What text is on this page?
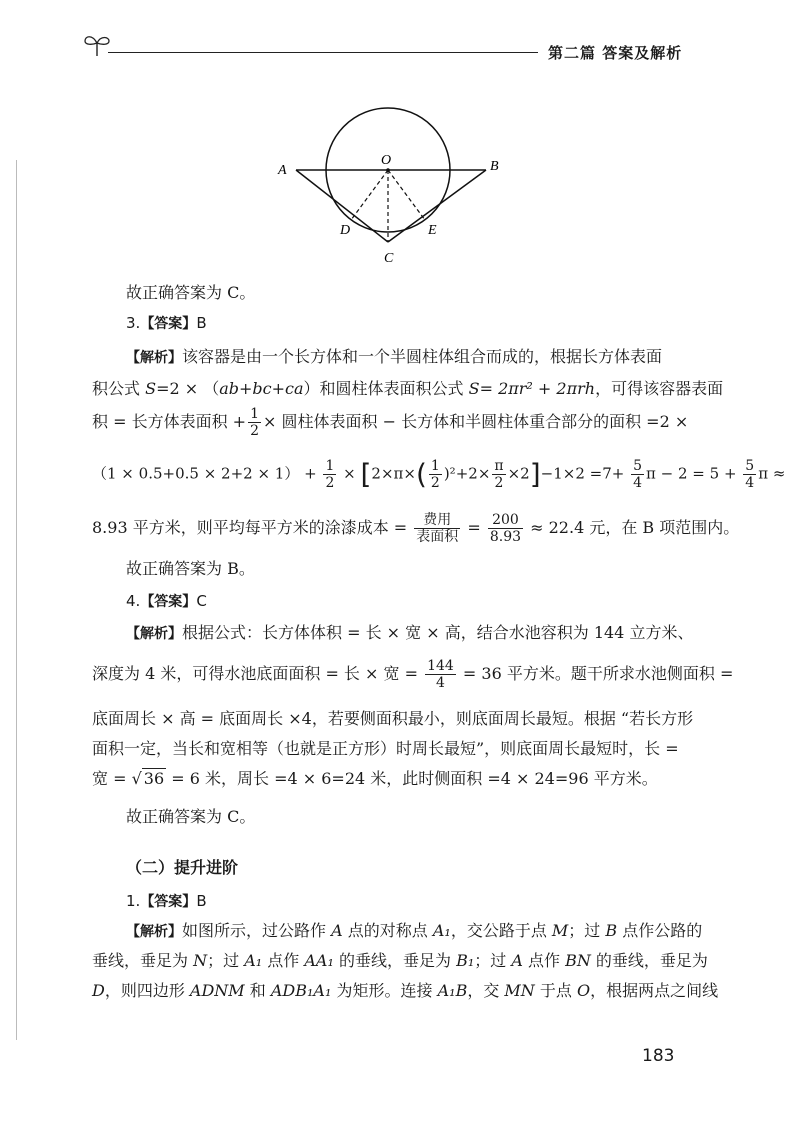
第二篇 答案及解析
A	B
O
D	E
C
故正确答案为 C。
3.【答案】B
【解析】该容器是由一个长方体和一个半圆柱体组合而成的，根据长方体表面
积公式 S=2 × （ab+bc+ca）和圆柱体表面积公式 S= 2πr² + 2πrh，可得该容器表面
积 = 长方体表面积 + $\frac{1}{2}$ × 圆柱体表面积 − 长方体和半圆柱体重合部分的面积 =2 ×
$(1 \times 0.5+0.5 \times 2+2 \times 1) + \frac{1}{2} \times [2\times\pi\times( \frac{1}{2} )^2+2\times \frac{\pi}{2} \times 2]-1\times 2 =7+ \frac{5}{4}$ $\pi - 2 = 5 + \frac{5}{4}$ π ≈
8.93 平方米，则平均每平方米的涂漆成本 = $\frac{\text{费用}}{\text{表面积}} = \frac{200}{8.93} \approx 22.4$ 元，在 B 项范围内。
故正确答案为 B。
4.【答案】C
【解析】根据公式：长方体体积 = 长 × 宽 × 高，结合水池容积为 144 立方米、
深度为 4 米，可得水池底面面积 = 长 × 宽 = $\frac{144}{4} = 36$ 平方米。题干所求水池侧面积 =
底面周长 × 高 = 底面周长 ×4，若要侧面积最小，则底面周长最短。根据 “若长方形
面积一定，当长和宽相等（也就是正方形）时周长最短”，则底面周长最短时，长 =
宽 = √ 36 = 6 米，周长 =4 × 6=24 米，此时侧面积 =4 × 24=96 平方米。
故正确答案为 C。
（二）提升进阶
1.【答案】B
【解析】如图所示，过公路作 A 点的对称点 A₁，交公路于点 M；过 B 点作公路的
垂线，垂足为 N；过 A₁ 点作 AA₁ 的垂线，垂足为 B₁；过 A 点作 BN 的垂线，垂足为
D，则四边形 ADNM 和 ADB₁A₁ 为矩形。连接 A₁B，交 MN 于点 O，根据两点之间线
183
